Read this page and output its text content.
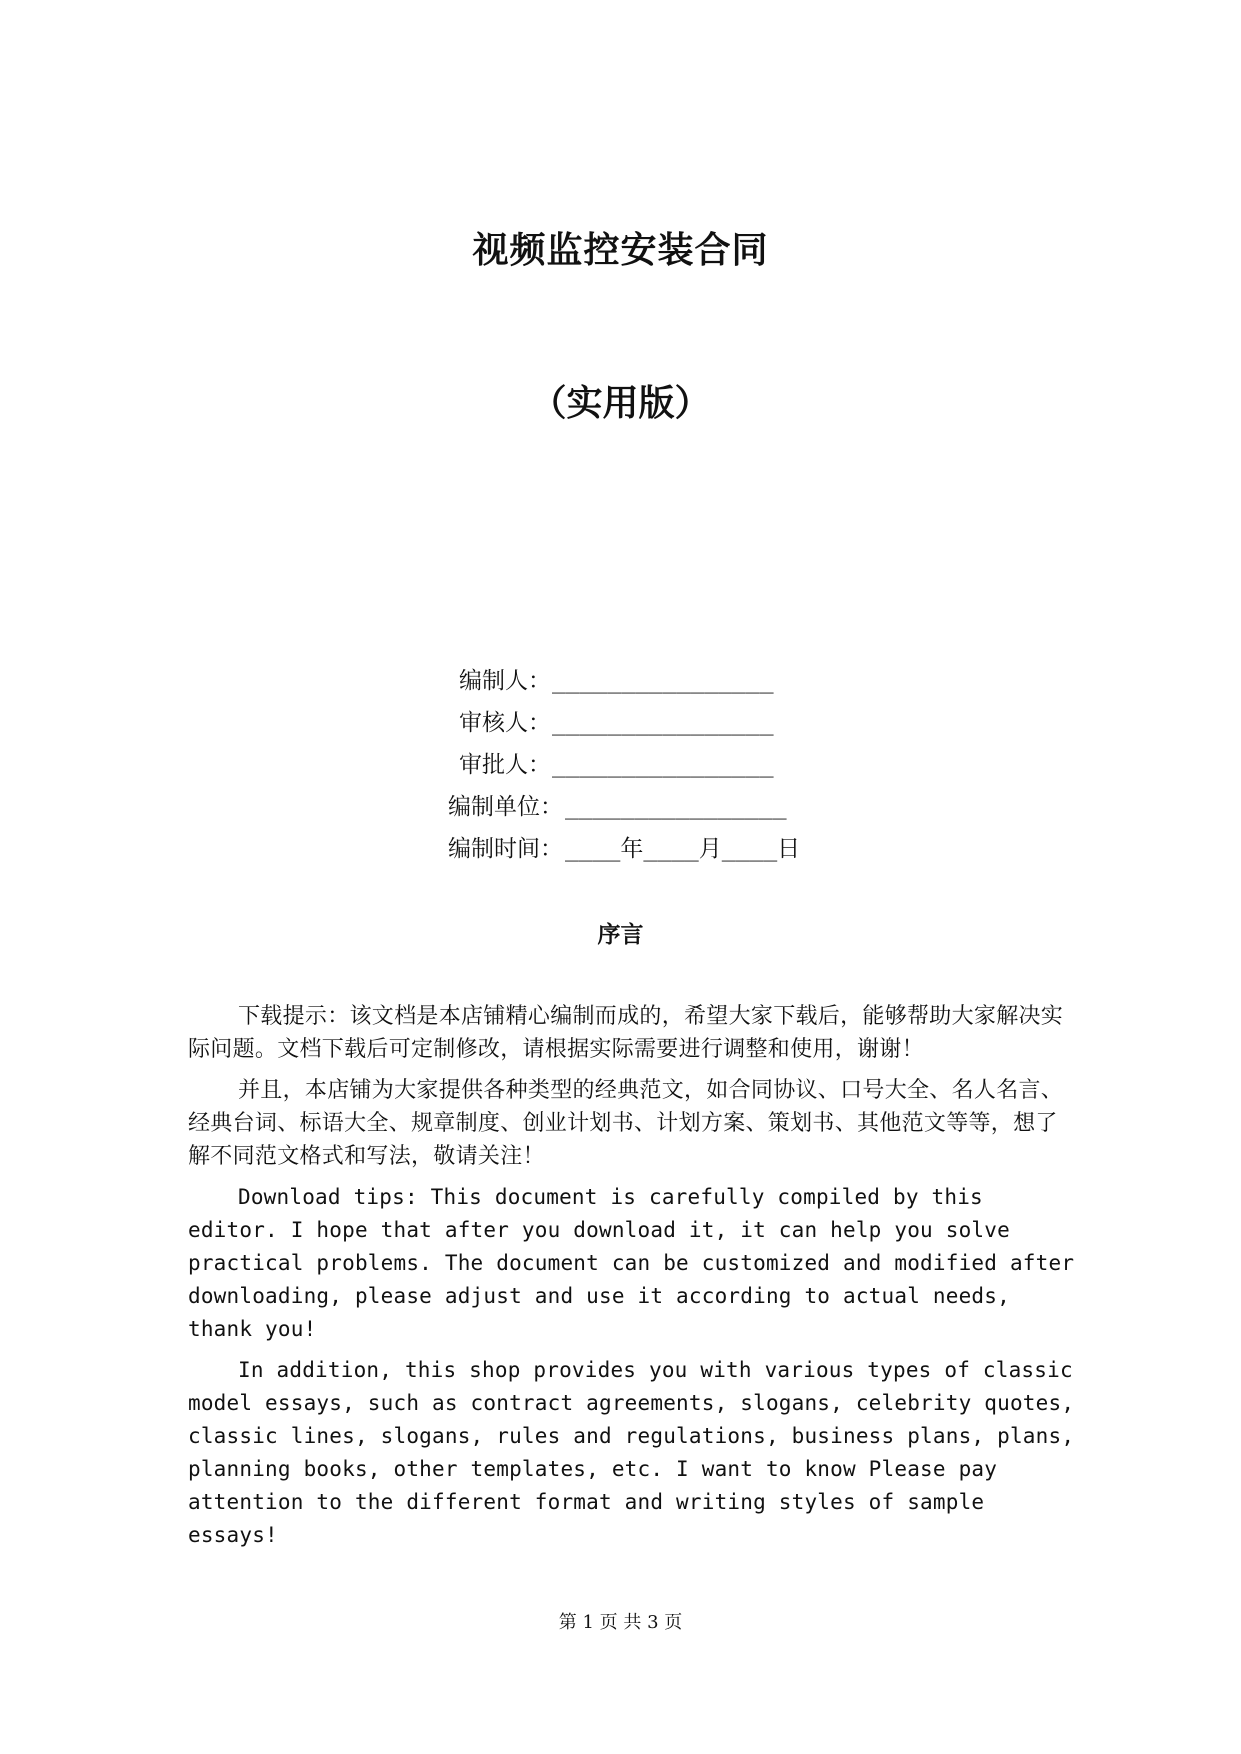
视频监控安装合同
（实用版）
编制人： ________________
审核人： ________________
审批人： ________________
编制单位： ________________
编制时间： ____年____月____日
序言

下载提示：该文档是本店铺精心编制而成的，希望大家下载后，能够帮助大家解决实际问题。文档下载后可定制修改，请根据实际需要进行调整和使用，谢谢！

并且，本店铺为大家提供各种类型的经典范文，如合同协议、口号大全、名人名言、经典台词、标语大全、规章制度、创业计划书、计划方案、策划书、其他范文等等，想了解不同范文格式和写法，敬请关注！

Download tips: This document is carefully compiled by this editor. I hope that after you download it, it can help you solve practical problems. The document can be customized and modified after downloading, please adjust and use it according to actual needs, thank you!

In addition, this shop provides you with various types of classic model essays, such as contract agreements, slogans, celebrity quotes, classic lines, slogans, rules and regulations, business plans, plans, planning books, other templates, etc. I want to know Please pay attention to the different format and writing styles of sample essays!

第 1 页 共 3 页
